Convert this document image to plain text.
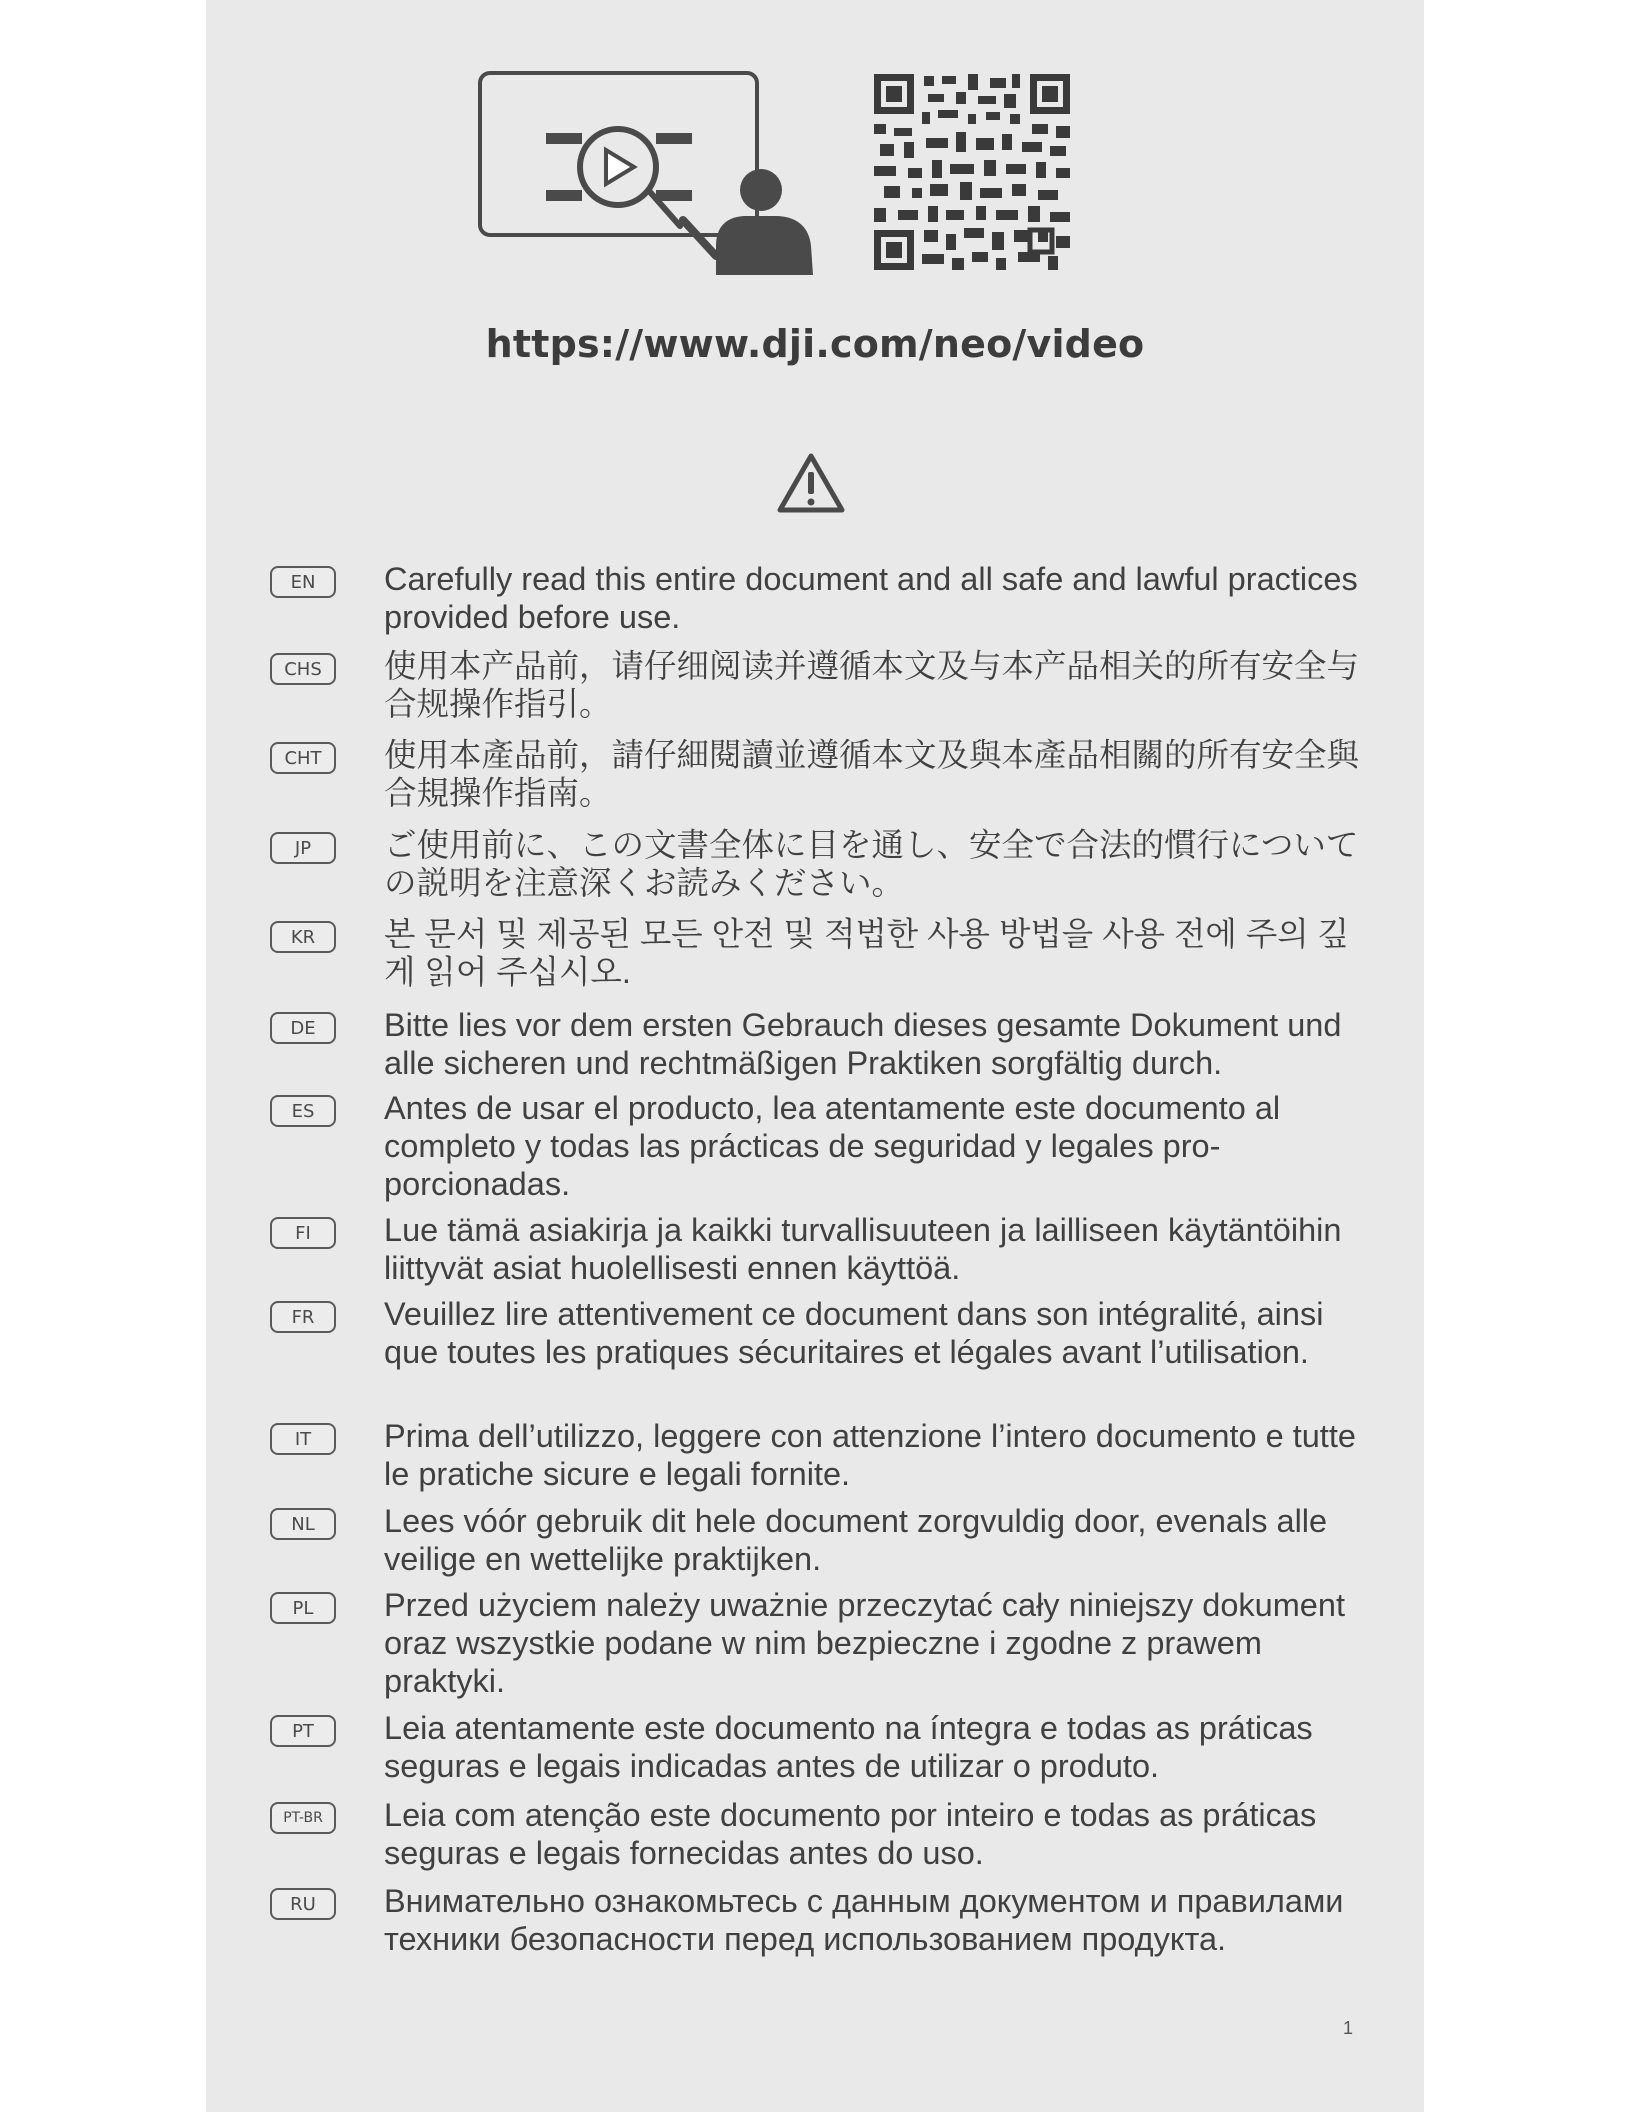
https://www.dji.com/neo/video
EN	Carefully read this entire document and all safe and lawful practices provided before use.
CHS	使用本产品前，请仔细阅读并遵循本文及与本产品相关的所有安全与合规操作指引。
CHT	使用本產品前，請仔細閱讀並遵循本文及與本產品相關的所有安全與合規操作指南。
JP	ご使用前に、この文書全体に目を通し、安全で合法的慣行についての説明を注意深くお読みください。
KR	본 문서 및 제공된 모든 안전 및 적법한 사용 방법을 사용 전에 주의 깊게 읽어 주십시오.
DE	Bitte lies vor dem ersten Gebrauch dieses gesamte Dokument und alle sicheren und rechtmäßigen Praktiken sorgfältig durch.
ES	Antes de usar el producto, lea atentamente este documento al completo y todas las prácticas de seguridad y legales pro-porcionadas.
FI	Lue tämä asiakirja ja kaikki turvallisuuteen ja lailliseen käytäntöihin liittyvät asiat huolellisesti ennen käyttöä.
FR	Veuillez lire attentivement ce document dans son intégralité, ainsi que toutes les pratiques sécuritaires et légales avant l’utilisation.
IT	Prima dell’utilizzo, leggere con attenzione l’intero documento e tutte le pratiche sicure e legali fornite.
NL	Lees vóór gebruik dit hele document zorgvuldig door, evenals alle veilige en wettelijke praktijken.
PL	Przed użyciem należy uważnie przeczytać cały niniejszy dokument oraz wszystkie podane w nim bezpieczne i zgodne z prawem praktyki.
PT	Leia atentamente este documento na íntegra e todas as práticas seguras e legais indicadas antes de utilizar o produto.
PT-BR	Leia com atenção este documento por inteiro e todas as práticas seguras e legais fornecidas antes do uso.
RU	Внимательно ознакомьтесь с данным документом и правилами техники безопасности перед использованием продукта.
1
